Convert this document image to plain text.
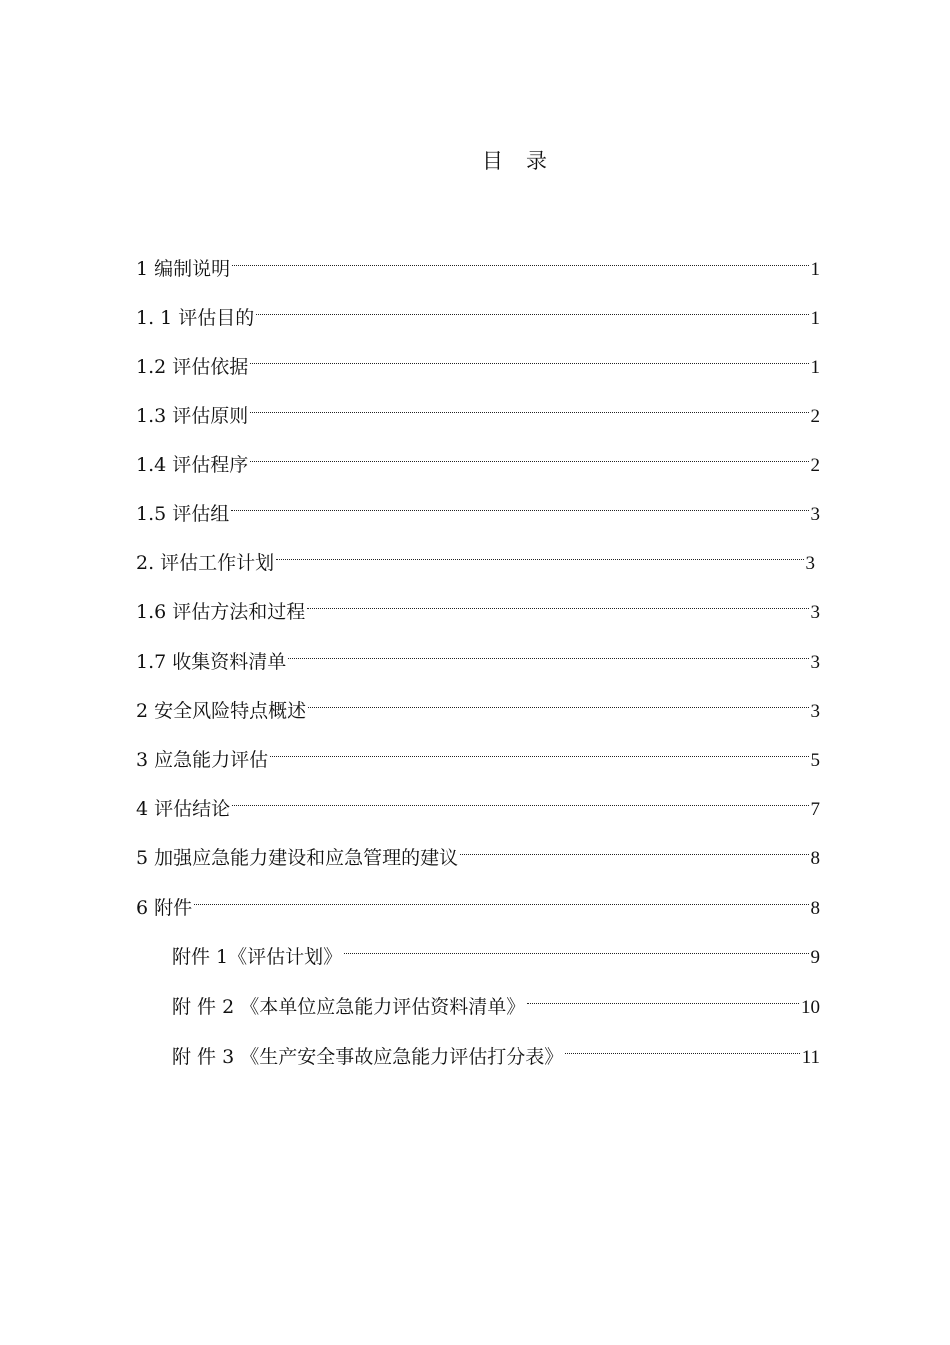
目 录
1 编制说明	1
1. 1 评估目的	1
1.2 评估依据	1
1.3 评估原则	2
1.4 评估程序	2
1.5 评估组	3
2. 评估工作计划	3
1.6 评估方法和过程	3
1.7 收集资料清单	3
2 安全风险特点概述	3
3 应急能力评估	5
4 评估结论	7
5 加强应急能力建设和应急管理的建议	8
6 附件	8
附件 1《评估计划》	9
附 件 2 《本单位应急能力评估资料清单》	10
附 件 3 《生产安全事故应急能力评估打分表》	11
